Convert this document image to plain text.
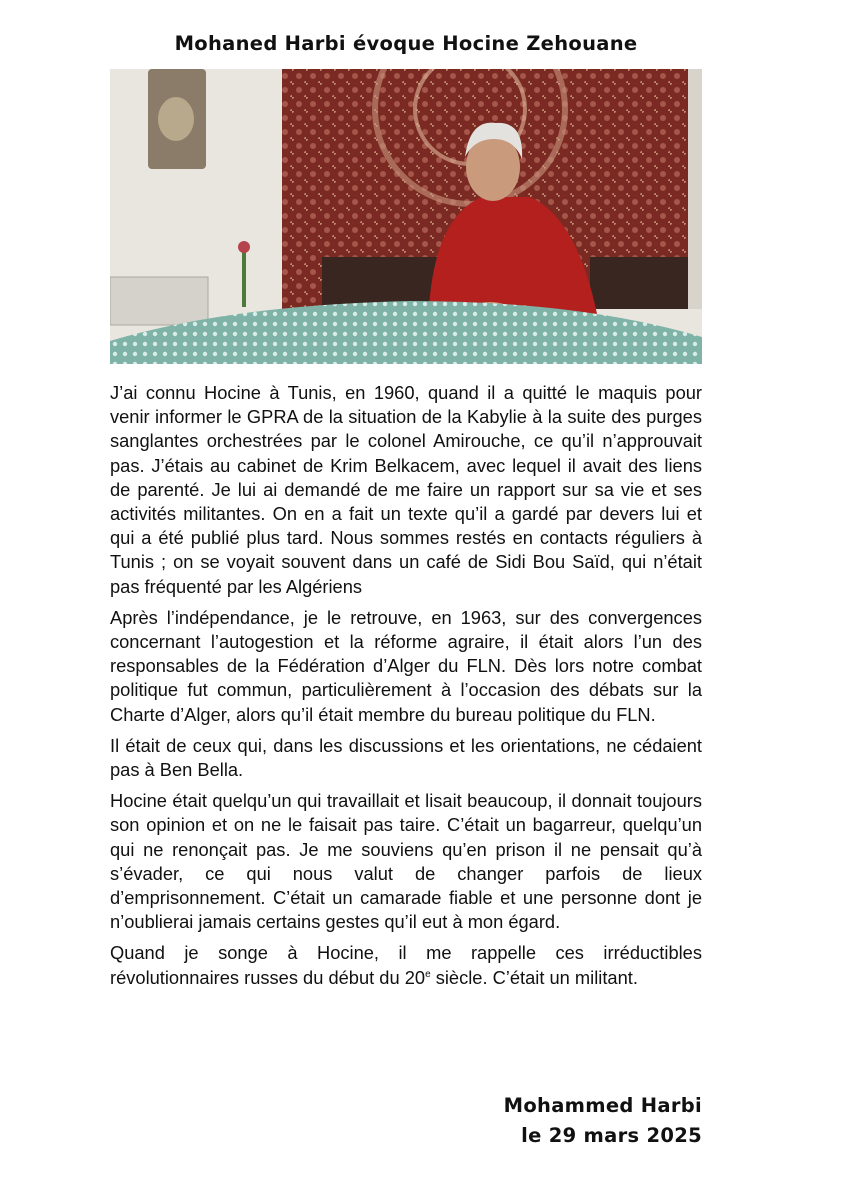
Mohaned Harbi évoque Hocine Zehouane

J’ai connu Hocine à Tunis, en 1960, quand il a quitté le maquis pour venir informer le GPRA de la situation de la Kabylie à la suite des purges sanglantes orchestrées par le colonel Amirouche, ce qu’il n’approuvait pas. J’étais au cabinet de Krim Belkacem, avec lequel il avait des liens de parenté. Je lui ai demandé de me faire un rapport sur sa vie et ses activités militantes. On en a fait un texte qu’il a gardé par devers lui et qui a été publié plus tard. Nous sommes restés en contacts réguliers à Tunis ; on se voyait souvent dans un café de Sidi Bou Saïd, qui n’était pas fréquenté par les Algériens

Après l’indépendance, je le retrouve, en 1963, sur des convergences concernant l’autogestion et la réforme agraire, il était alors l’un des responsables de la Fédération d’Alger du FLN. Dès lors notre combat politique fut commun, particulièrement à l’occasion des débats sur la Charte d’Alger, alors qu’il était membre du bureau politique du FLN.

Il était de ceux qui, dans les discussions et les orientations, ne cédaient pas à Ben Bella.

Hocine était quelqu’un qui travaillait et lisait beaucoup, il donnait toujours son opinion et on ne le faisait pas taire. C’était un bagarreur, quelqu’un qui ne renonçait pas. Je me souviens qu’en prison il ne pensait qu’à s’évader, ce qui nous valut de changer parfois de lieux d’emprisonnement. C’était un camarade fiable et une personne dont je n’oublierai jamais certains gestes qu’il eut à mon égard.

Quand je songe à Hocine, il me rappelle ces irréductibles révolutionnaires russes du début du 20e siècle. C’était un militant.

Mohammed Harbi
le 29 mars 2025
